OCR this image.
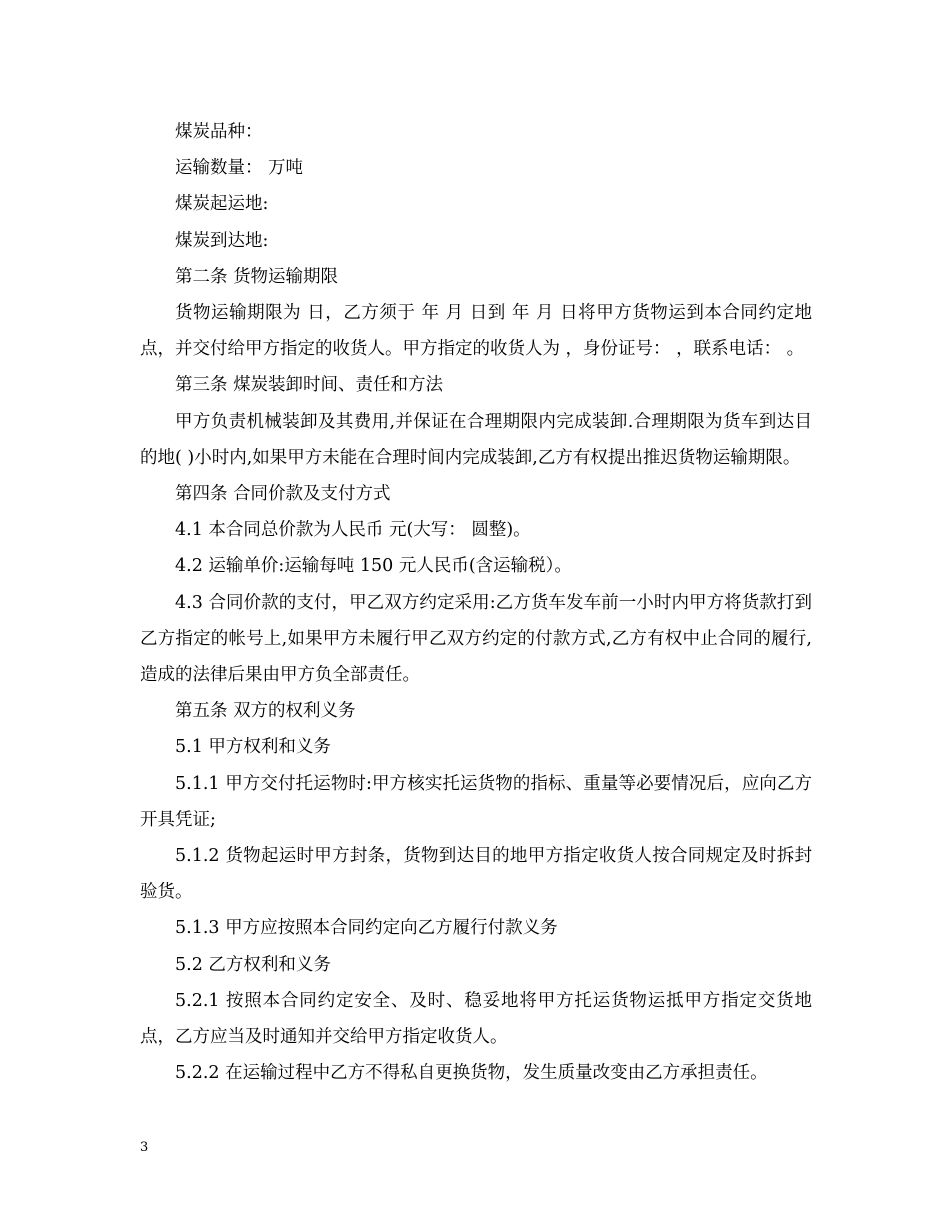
煤炭品种：

运输数量： 万吨

煤炭起运地:

煤炭到达地:

第二条 货物运输期限

货物运输期限为 日，乙方须于 年 月 日到 年 月 日将甲方货物运到本合同约定地点，并交付给甲方指定的收货人。甲方指定的收货人为 ，身份证号： ，联系电话： 。

第三条 煤炭装卸时间、责任和方法

甲方负责机械装卸及其费用,并保证在合理期限内完成装卸.合理期限为货车到达目的地( )小时内,如果甲方未能在合理时间内完成装卸,乙方有权提出推迟货物运输期限。

第四条 合同价款及支付方式

4.1 本合同总价款为人民币 元(大写： 圆整)。

4.2 运输单价:运输每吨 150 元人民币(含运输税）。

4.3 合同价款的支付，甲乙双方约定采用:乙方货车发车前一小时内甲方将货款打到乙方指定的帐号上,如果甲方未履行甲乙双方约定的付款方式,乙方有权中止合同的履行,造成的法律后果由甲方负全部责任。

第五条 双方的权利义务

5.1 甲方权利和义务

5.1.1 甲方交付托运物时:甲方核实托运货物的指标、重量等必要情况后，应向乙方开具凭证;

5.1.2 货物起运时甲方封条，货物到达目的地甲方指定收货人按合同规定及时拆封验货。

5.1.3 甲方应按照本合同约定向乙方履行付款义务

5.2 乙方权利和义务

5.2.1 按照本合同约定安全、及时、稳妥地将甲方托运货物运抵甲方指定交货地点，乙方应当及时通知并交给甲方指定收货人。

5.2.2 在运输过程中乙方不得私自更换货物，发生质量改变由乙方承担责任。

3
